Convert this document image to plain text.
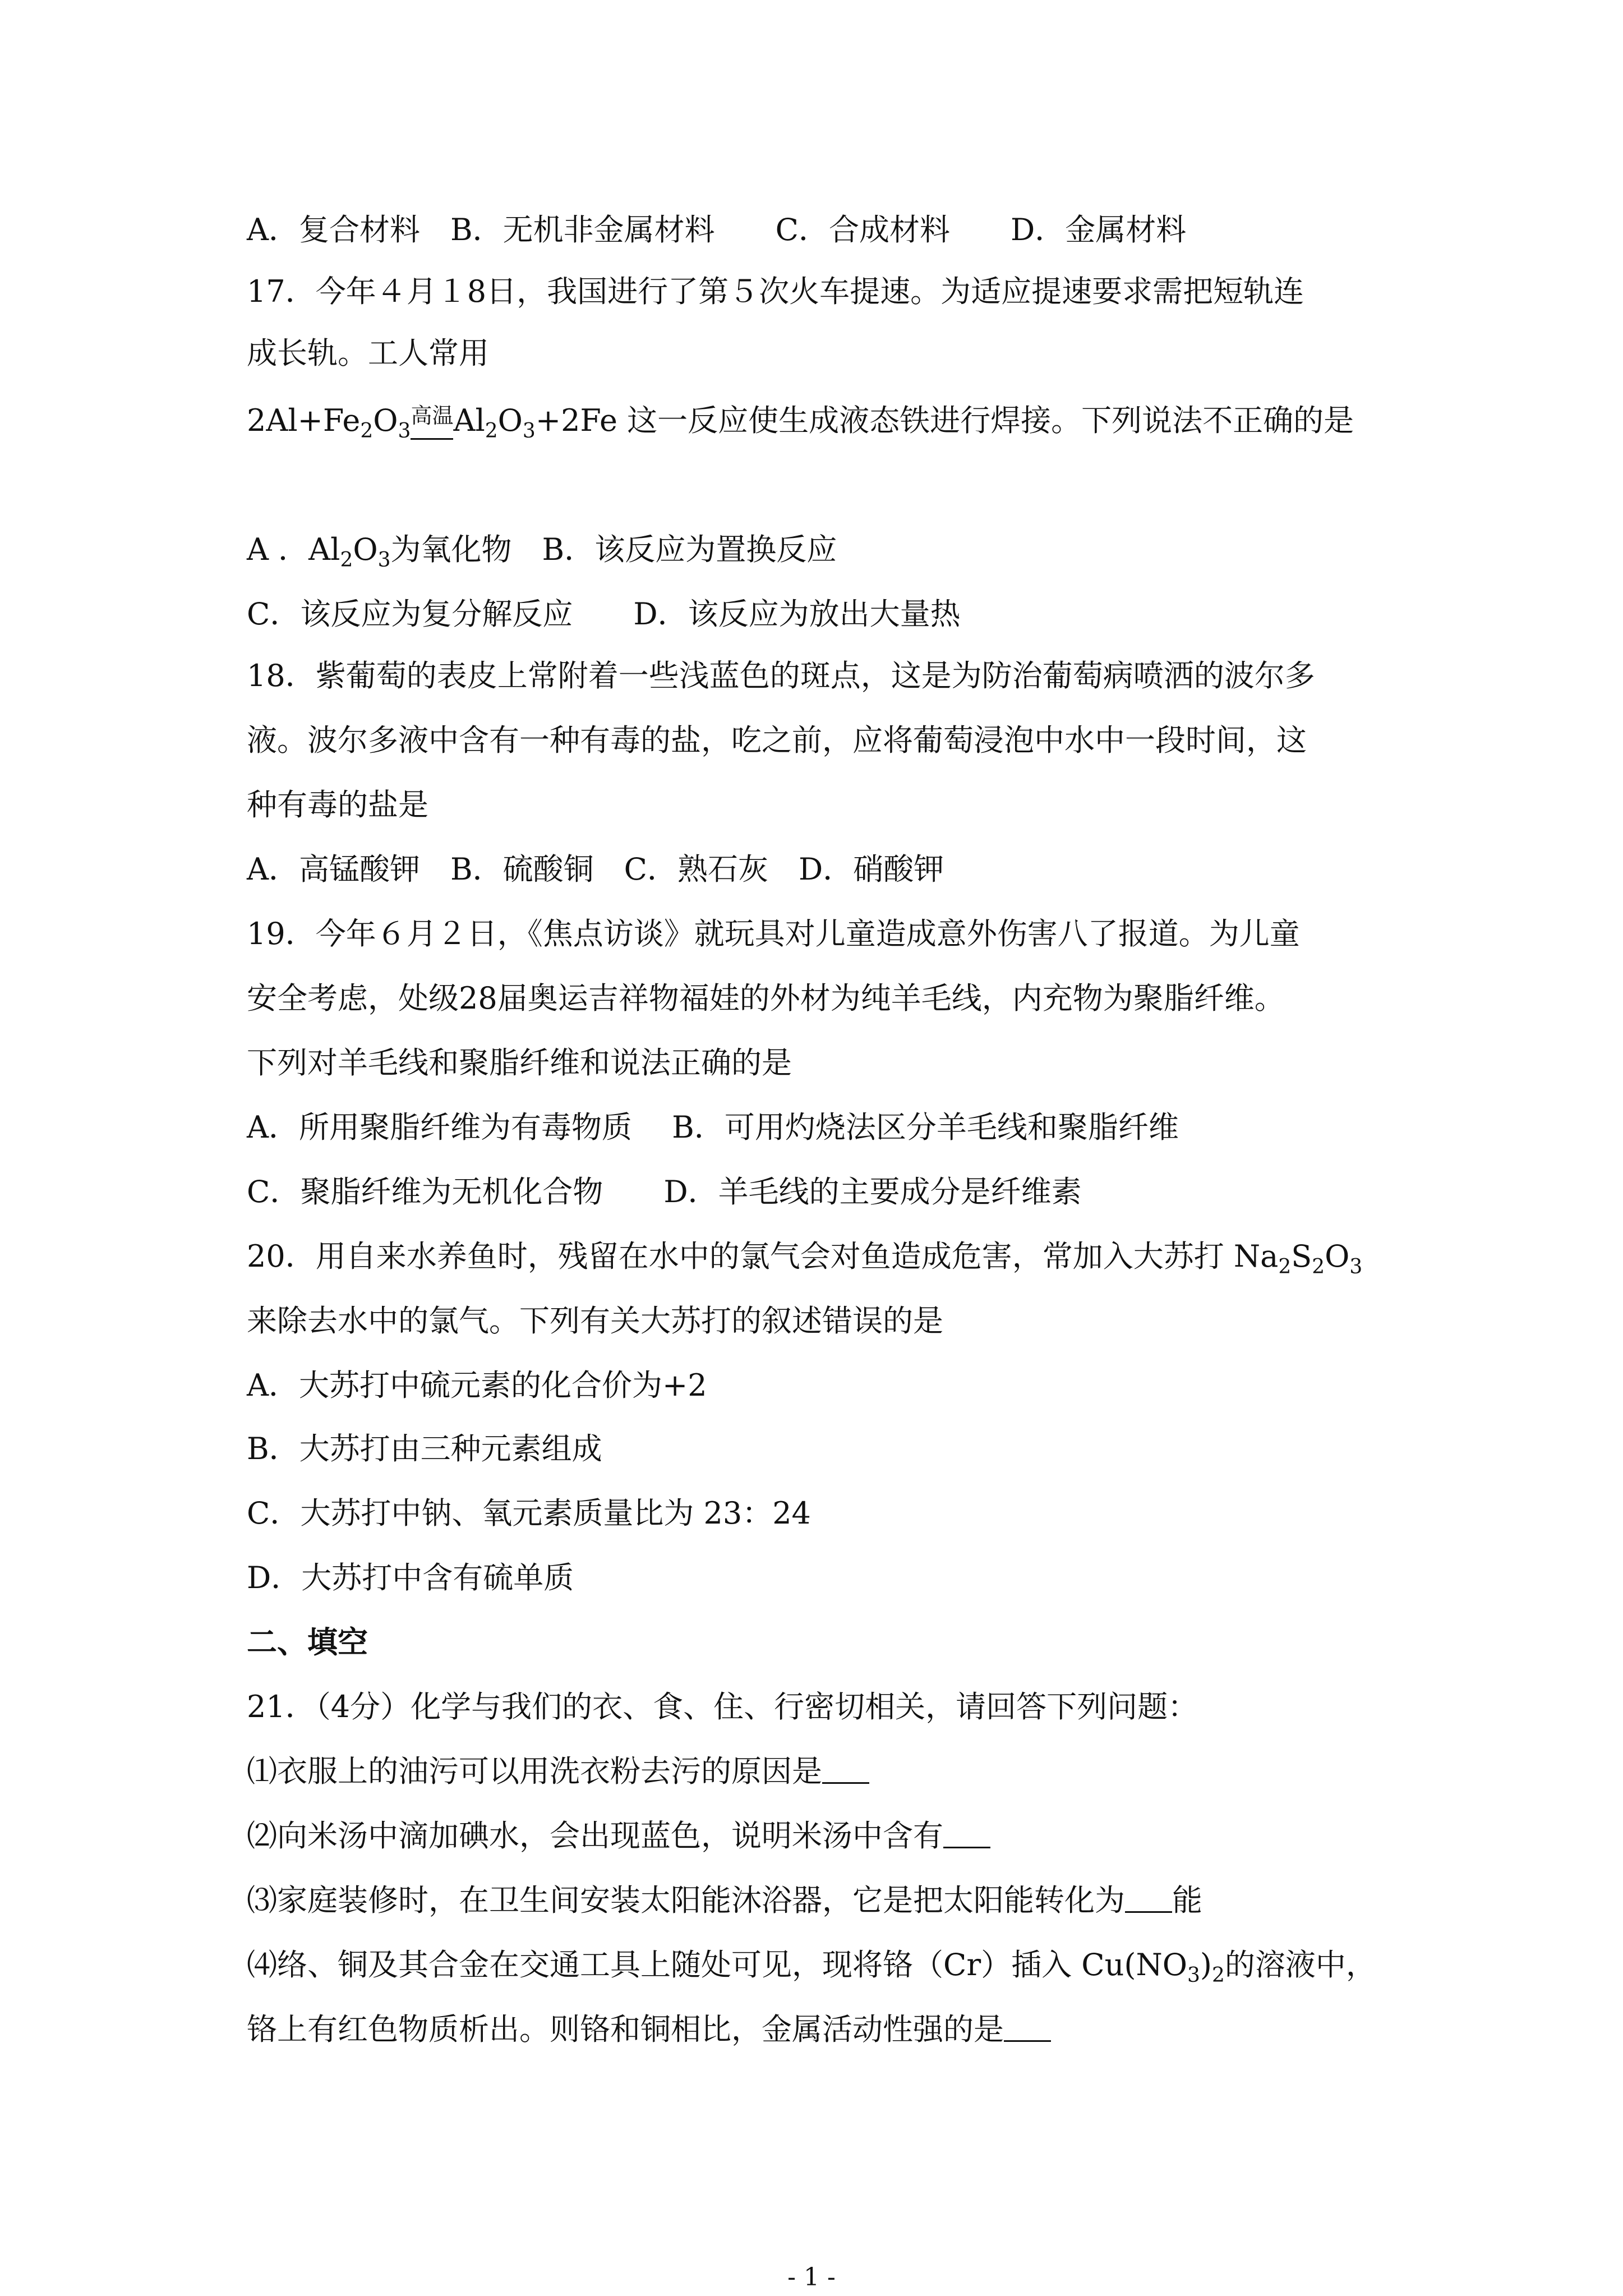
A．复合材料　B．无机非金属材料　　C．合成材料　　D．金属材料
17．今年４月１8日，我国进行了第５次火车提速。为适应提速要求需把短轨连
成长轨。工人常用
$2Al+Fe_2O_3$高温
$Al_2O_3+2Fe$ 这一反应使生成液态铁进行焊接。下列说法不正确的是
A ．$Al_2O_3$为氧化物　B．该反应为置换反应
C．该反应为复分解反应　　D．该反应为放出大量热
18．紫葡萄的表皮上常附着一些浅蓝色的斑点，这是为防治葡萄病喷洒的波尔多
液。波尔多液中含有一种有毒的盐，吃之前，应将葡萄浸泡中水中一段时间，这
种有毒的盐是
A．高锰酸钾　B．硫酸铜　C．熟石灰　D．硝酸钾
19．今年６月２日，《焦点访谈》就玩具对儿童造成意外伤害八了报道。为儿童
安全考虑，处级28届奥运吉祥物福娃的外材为纯羊毛线，内充物为聚脂纤维。
下列对羊毛线和聚脂纤维和说法正确的是
A．所用聚脂纤维为有毒物质　 B．可用灼烧法区分羊毛线和聚脂纤维
C．聚脂纤维为无机化合物　　D．羊毛线的主要成分是纤维素
20．用自来水养鱼时，残留在水中的氯气会对鱼造成危害，常加入大苏打 $Na_2S_2O_3$
来除去水中的氯气。下列有关大苏打的叙述错误的是
A．大苏打中硫元素的化合价为+2
B．大苏打由三种元素组成
C．大苏打中钠、氧元素质量比为 23：24
D．大苏打中含有硫单质
二、填空
21．（4分）化学与我们的衣、食、住、行密切相关，请回答下列问题：
⑴衣服上的油污可以用洗衣粉去污的原因是
⑵向米汤中滴加碘水，会出现蓝色，说明米汤中含有
⑶家庭装修时，在卫生间安装太阳能沐浴器，它是把太阳能转化为 能
⑷络、铜及其合金在交通工具上随处可见，现将铬（Cr）插入 $Cu(NO_3)_2$的溶液中，
铬上有红色物质析出。则铬和铜相比，金属活动性强的是
- 1 -
